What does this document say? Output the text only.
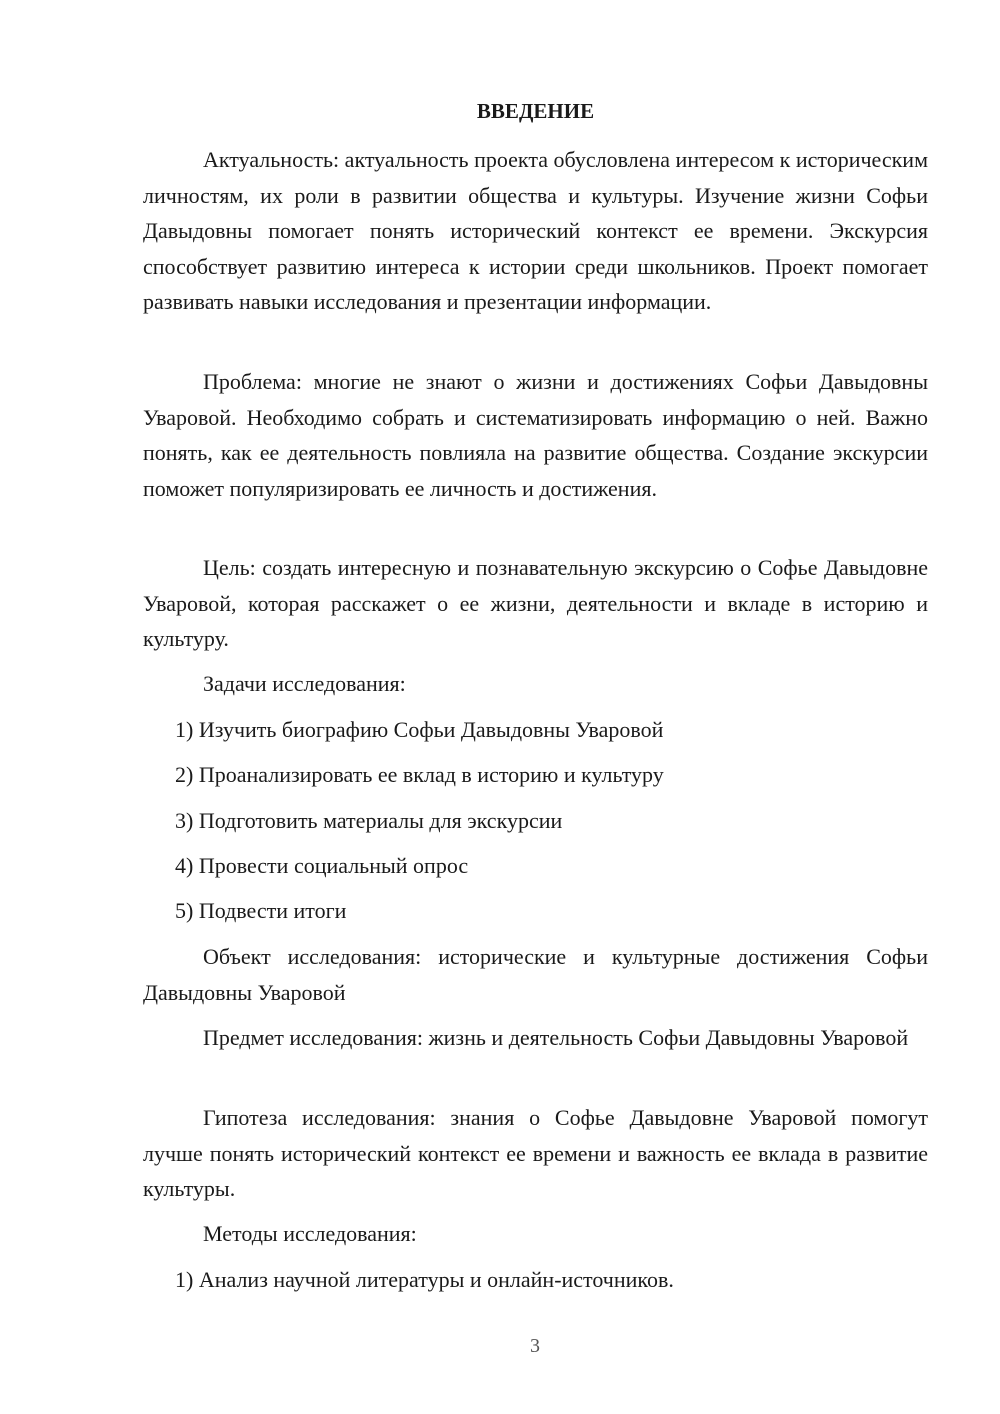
ВВЕДЕНИЕ

Актуальность: актуальность проекта обусловлена интересом к историческим личностям, их роли в развитии общества и культуры. Изучение жизни Софьи Давыдовны помогает понять исторический контекст ее времени. Экскурсия способствует развитию интереса к истории среди школьников. Проект помогает развивать навыки исследования и презентации информации.

Проблема: многие не знают о жизни и достижениях Софьи Давыдовны Уваровой. Необходимо собрать и систематизировать информацию о ней. Важно понять, как ее деятельность повлияла на развитие общества. Создание экскурсии поможет популяризировать ее личность и достижения.

Цель: создать интересную и познавательную экскурсию о Софье Давыдовне Уваровой, которая расскажет о ее жизни, деятельности и вкладе в историю и культуру.

Задачи исследования:

1) Изучить биографию Софьи Давыдовны Уваровой

2) Проанализировать ее вклад в историю и культуру

3) Подготовить материалы для экскурсии

4) Провести социальный опрос

5) Подвести итоги

Объект исследования: исторические и культурные достижения Софьи Давыдовны Уваровой

Предмет исследования: жизнь и деятельность Софьи Давыдовны Уваровой

Гипотеза исследования: знания о Софье Давыдовне Уваровой помогут лучше понять исторический контекст ее времени и важность ее вклада в развитие культуры.

Методы исследования:

1) Анализ научной литературы и онлайн-источников.

3
